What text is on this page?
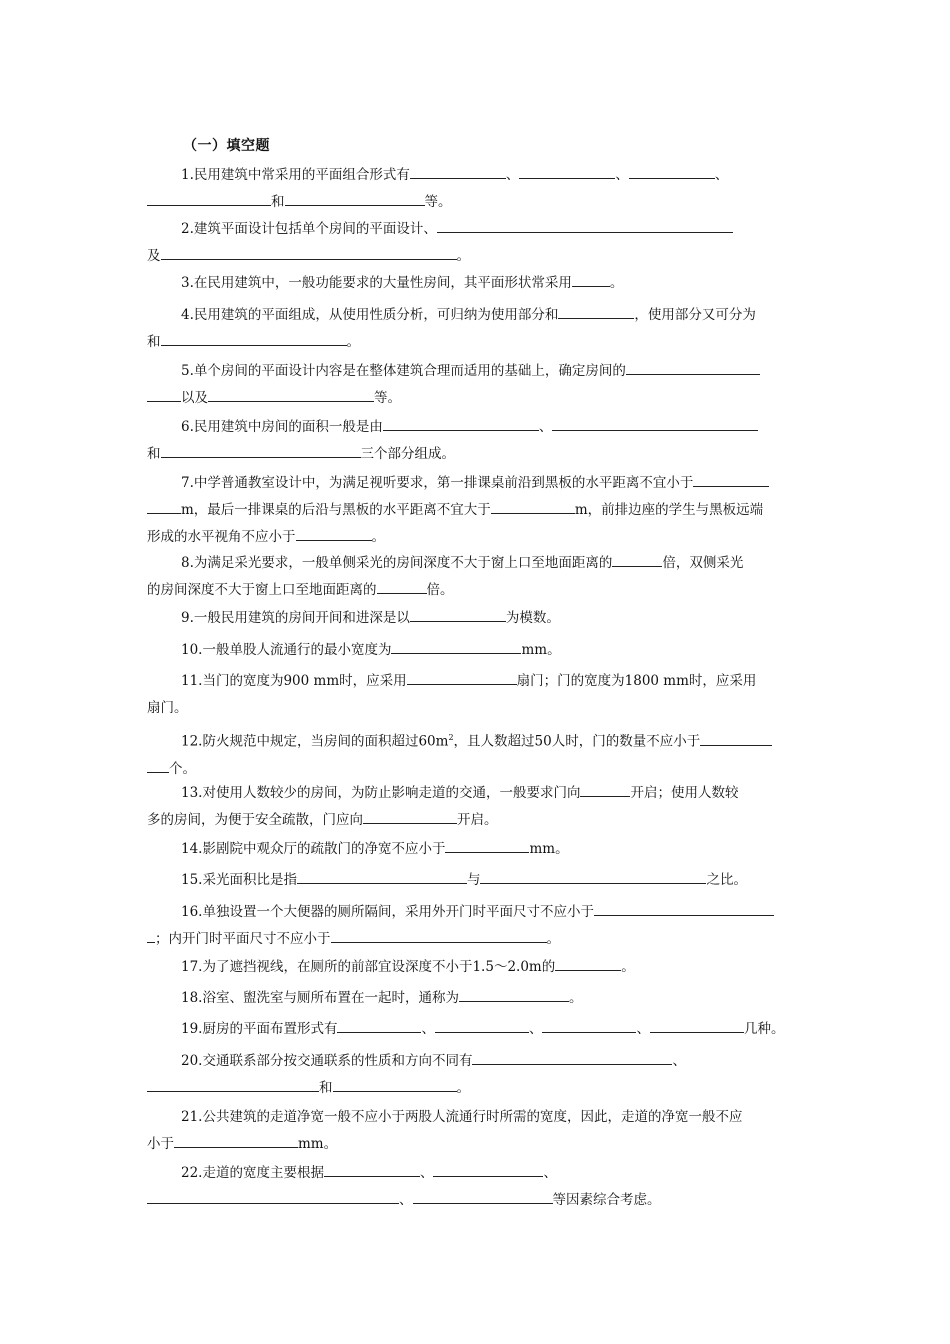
（一）填空题

1.民用建筑中常采用的平面组合形式有	、	、	、

和	等。

2.建筑平面设计包括单个房间的平面设计、

及	。

3.在民用建筑中，一般功能要求的大量性房间，其平面形状常采用	。

4.民用建筑的平面组成，从使用性质分析，可归纳为使用部分和	，使用部分又可分为

和	。

5.单个房间的平面设计内容是在整体建筑合理而适用的基础上，确定房间的

以及	等。

6.民用建筑中房间的面积一般是由	、

和	三个部分组成。

7.中学普通教室设计中，为满足视听要求，第一排课桌前沿到黑板的水平距离不宜小于

m，最后一排课桌的后沿与黑板的水平距离不宜大于	m，前排边座的学生与黑板远端

形成的水平视角不应小于	。

8.为满足采光要求，一般单侧采光的房间深度不大于窗上口至地面距离的	倍，双侧采光

的房间深度不大于窗上口至地面距离的	倍。

9.一般民用建筑的房间开间和进深是以	为模数。

10.一般单股人流通行的最小宽度为	mm。

11.当门的宽度为900 mm时，应采用	扇门；门的宽度为1800 mm时，应采用

扇门。

12.防火规范中规定，当房间的面积超过$60m^2$，且人数超过50人时，门的数量不应小于

个。

13.对使用人数较少的房间，为防止影响走道的交通，一般要求门向	开启；使用人数较

多的房间，为便于安全疏散，门应向	开启。

14.影剧院中观众厅的疏散门的净宽不应小于	mm。

15.采光面积比是指	与	之比。

16.单独设置一个大便器的厕所隔间，采用外开门时平面尺寸不应小于

；内开门时平面尺寸不应小于	。

17.为了遮挡视线，在厕所的前部宜设深度不小于1.5～2.0m的	。

18.浴室、盥洗室与厕所布置在一起时，通称为	。

19.厨房的平面布置形式有	、	、	、	几种。

20.交通联系部分按交通联系的性质和方向不同有	、

和	。

21.公共建筑的走道净宽一般不应小于两股人流通行时所需的宽度，因此，走道的净宽一般不应

小于	mm。

22.走道的宽度主要根据	、	、

、	等因素综合考虑。
